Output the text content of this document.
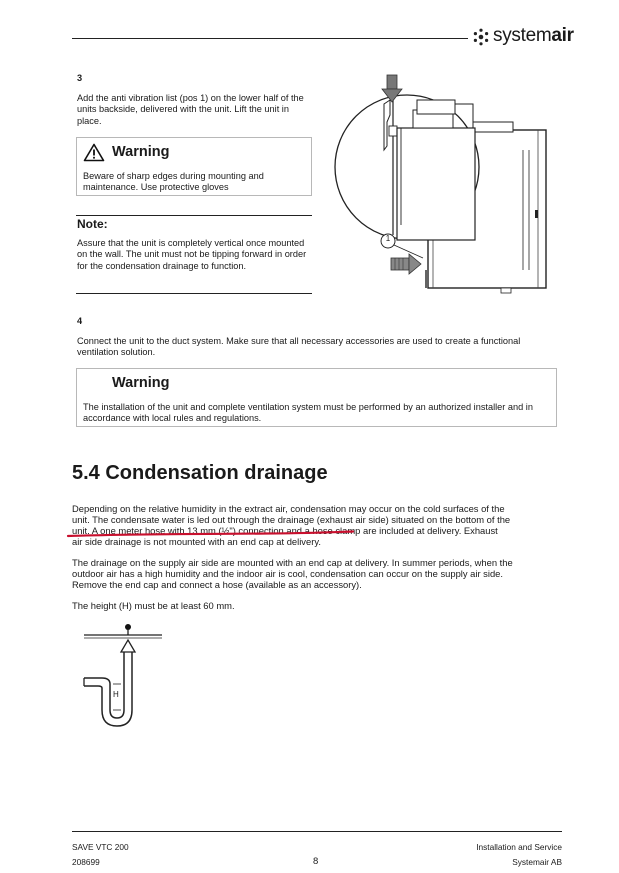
systemair
3
Add the anti vibration list (pos 1) on the lower half of the units backside, delivered with the unit. Lift the unit in place.
Warning
Beware of sharp edges during mounting and maintenance. Use protective gloves
Note:
Assure that the unit is completely vertical once mounted on the wall. The unit must not be tipping forward in order for the condensation drainage to function.
1
4
Connect the unit to the duct system. Make sure that all necessary accessories are used to create a functional ventilation solution.
Warning
The installation of the unit and complete ventilation system must be performed by an authorized installer and in accordance with local rules and regulations.
5.4 Condensation drainage
Depending on the relative humidity in the extract air, condensation may occur on the cold surfaces of the
unit. The condensate water is led out through the drainage (exhaust air side) situated on the bottom of the
unit. A one meter hose with 13 mm (½") connection and a hose clamp are included at delivery. Exhaust
air side drainage is not mounted with an end cap at delivery.
The drainage on the supply air side are mounted with an end cap at delivery. In summer periods, when the
outdoor air has a high humidity and the indoor air is cool, condensation can occur on the supply air side.
Remove the end cap and connect a hose (available as an accessory).
The height (H) must be at least 60 mm.
H
SAVE VTC 200
208699	8
Installation and Service
Systemair AB
